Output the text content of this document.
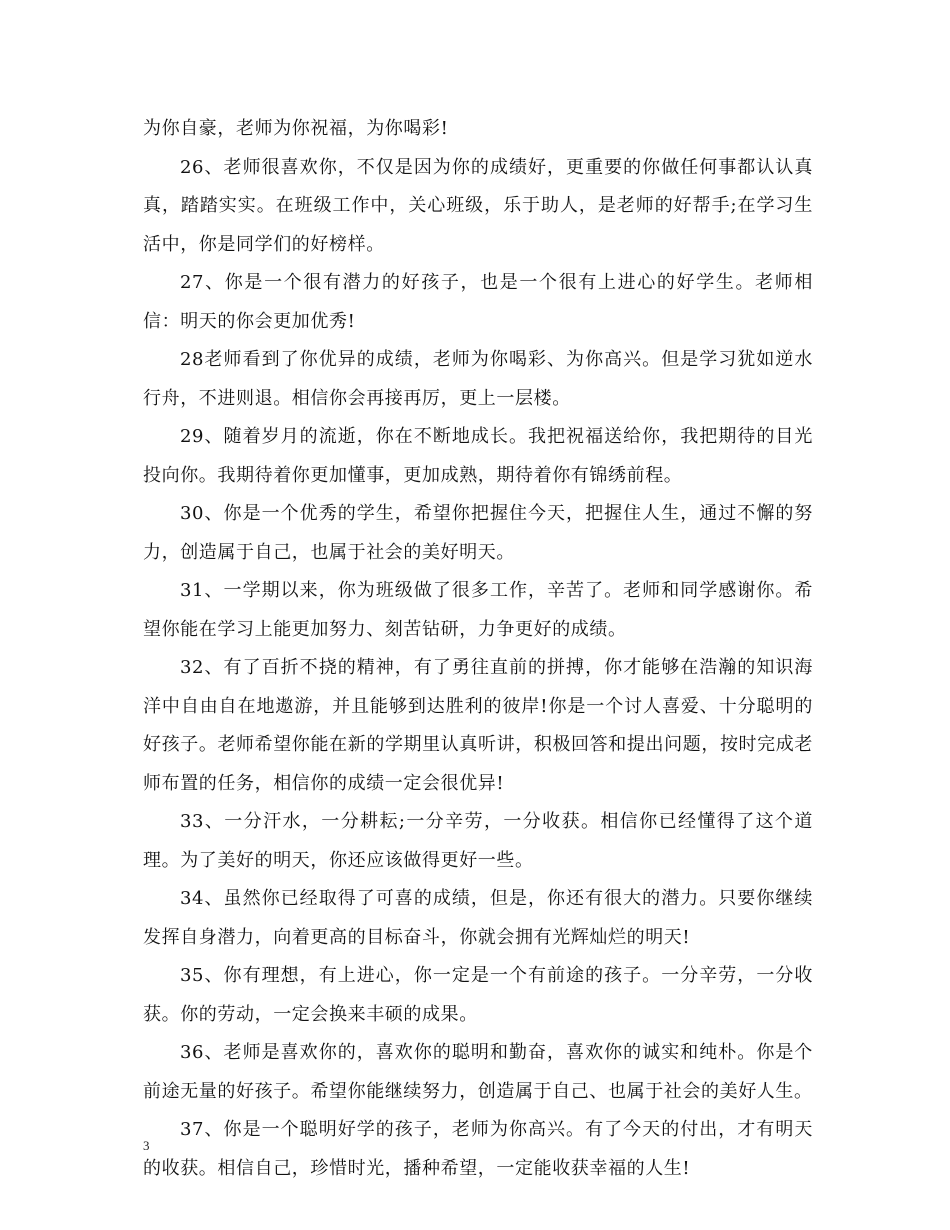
为你自豪，老师为你祝福，为你喝彩!

26、老师很喜欢你，不仅是因为你的成绩好，更重要的你做任何事都认认真真，踏踏实实。在班级工作中，关心班级，乐于助人，是老师的好帮手;在学习生活中，你是同学们的好榜样。

27、你是一个很有潜力的好孩子，也是一个很有上进心的好学生。老师相信：明天的你会更加优秀!

28老师看到了你优异的成绩，老师为你喝彩、为你高兴。但是学习犹如逆水行舟，不进则退。相信你会再接再厉，更上一层楼。

29、随着岁月的流逝，你在不断地成长。我把祝福送给你，我把期待的目光投向你。我期待着你更加懂事，更加成熟，期待着你有锦绣前程。

30、你是一个优秀的学生，希望你把握住今天，把握住人生，通过不懈的努力，创造属于自己，也属于社会的美好明天。

31、一学期以来，你为班级做了很多工作，辛苦了。老师和同学感谢你。希望你能在学习上能更加努力、刻苦钻研，力争更好的成绩。

32、有了百折不挠的精神，有了勇往直前的拼搏，你才能够在浩瀚的知识海洋中自由自在地遨游，并且能够到达胜利的彼岸!你是一个讨人喜爱、十分聪明的好孩子。老师希望你能在新的学期里认真听讲，积极回答和提出问题，按时完成老师布置的任务，相信你的成绩一定会很优异!

33、一分汗水，一分耕耘;一分辛劳，一分收获。相信你已经懂得了这个道理。为了美好的明天，你还应该做得更好一些。

34、虽然你已经取得了可喜的成绩，但是，你还有很大的潜力。只要你继续发挥自身潜力，向着更高的目标奋斗，你就会拥有光辉灿烂的明天!

35、你有理想，有上进心，你一定是一个有前途的孩子。一分辛劳，一分收获。你的劳动，一定会换来丰硕的成果。

36、老师是喜欢你的，喜欢你的聪明和勤奋，喜欢你的诚实和纯朴。你是个前途无量的好孩子。希望你能继续努力，创造属于自己、也属于社会的美好人生。

37、你是一个聪明好学的孩子，老师为你高兴。有了今天的付出，才有明天的收获。相信自己，珍惜时光，播种希望，一定能收获幸福的人生!

3
